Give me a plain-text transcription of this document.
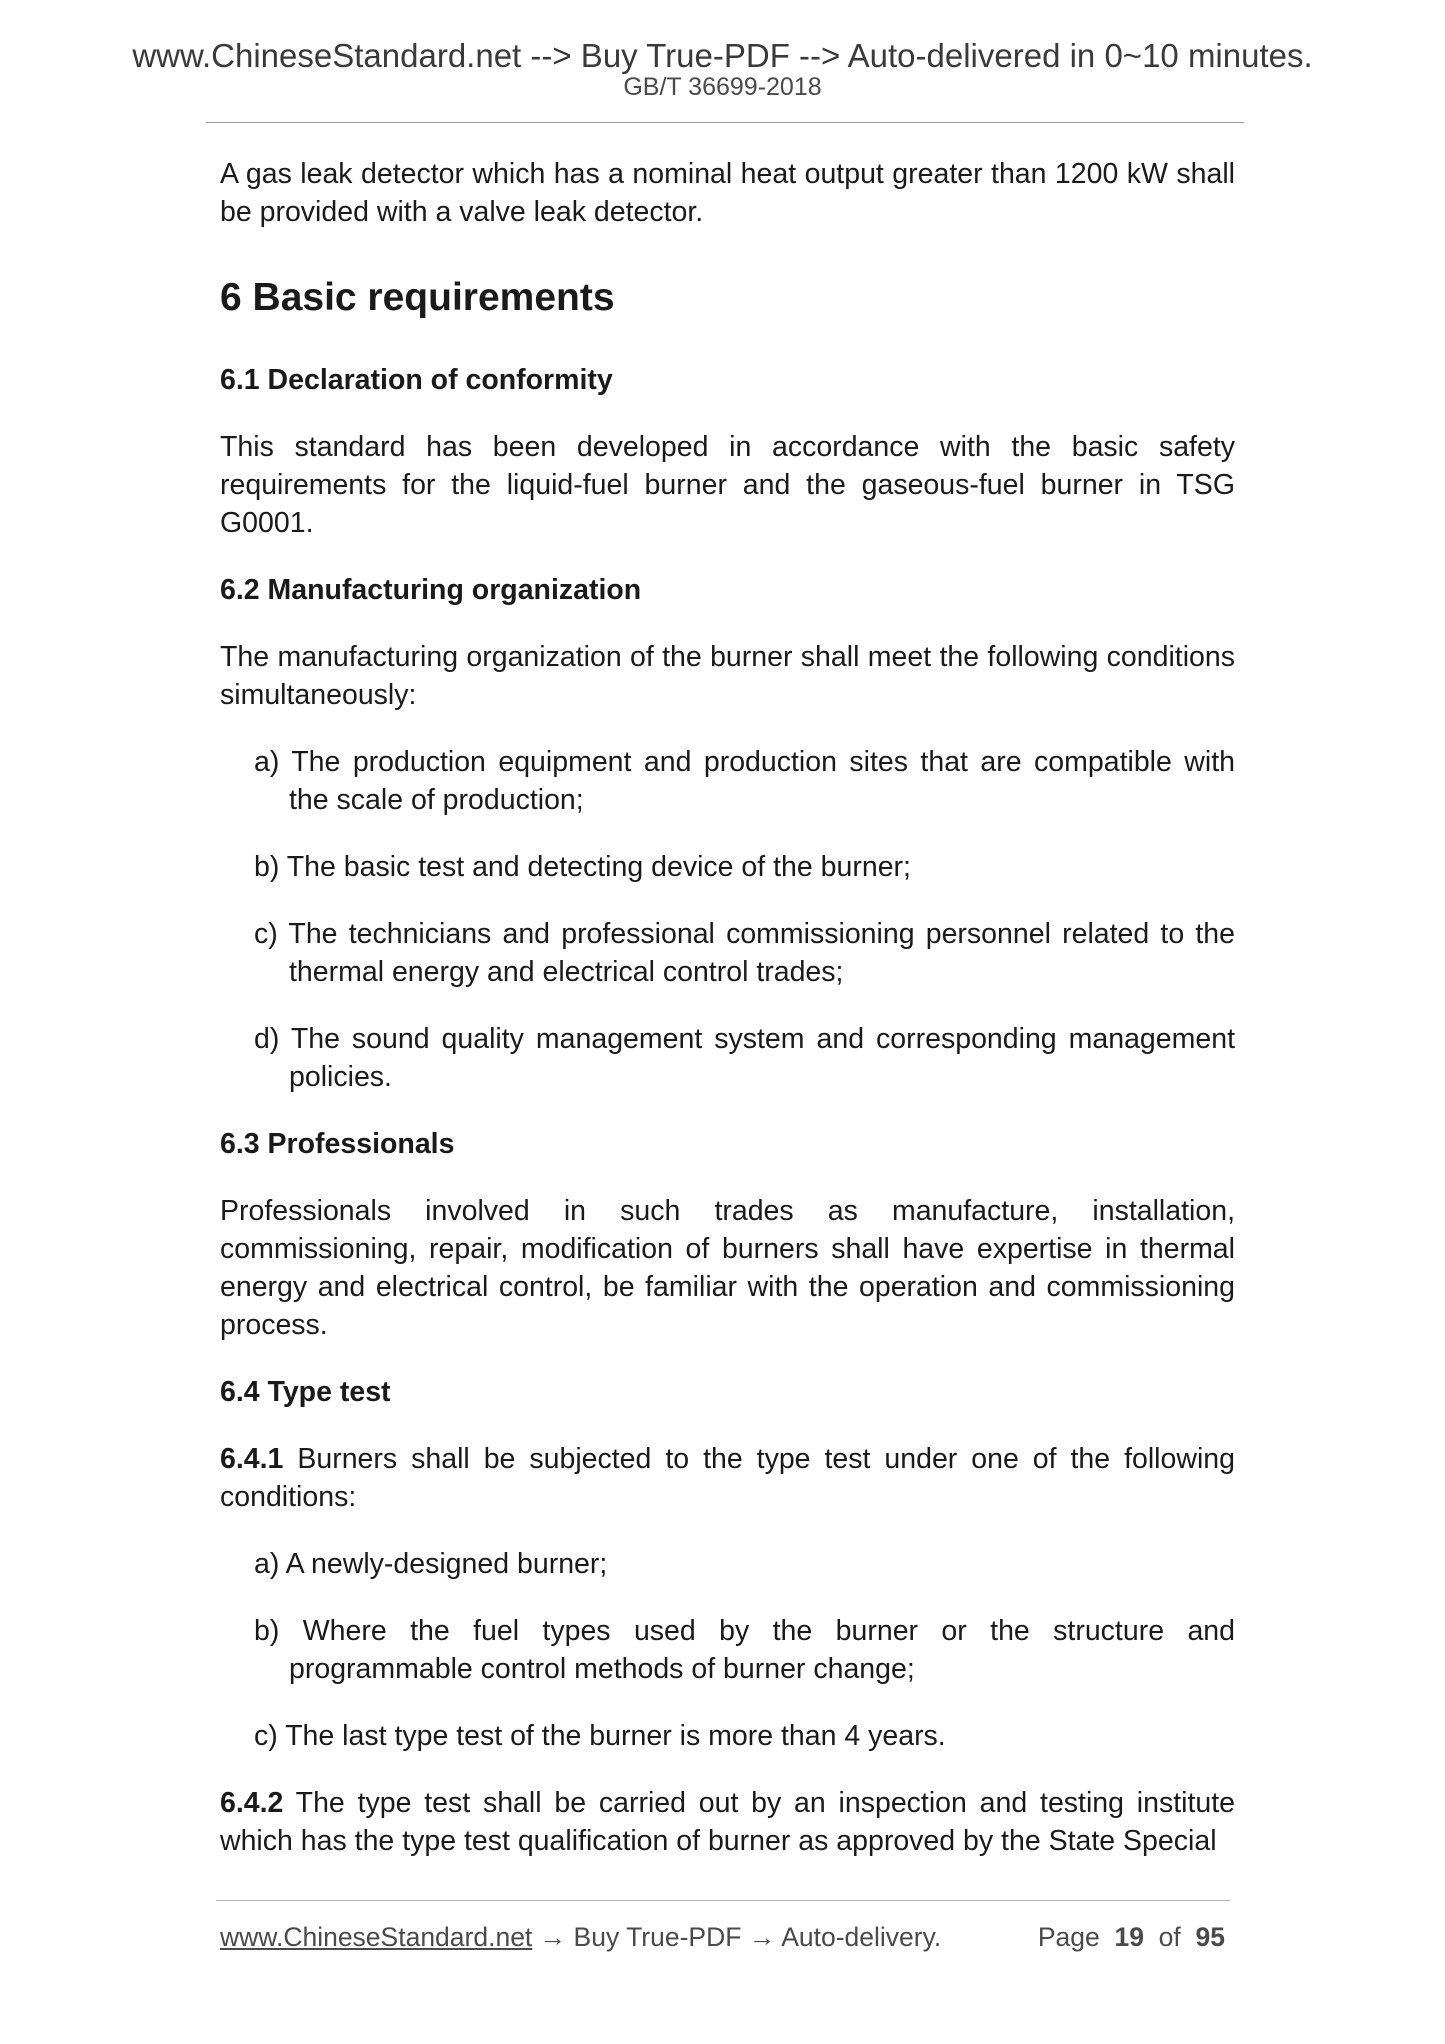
www.ChineseStandard.net --> Buy True-PDF --> Auto-delivered in 0~10 minutes.
GB/T 36699-2018

A gas leak detector which has a nominal heat output greater than 1200 kW shall be provided with a valve leak detector.

6 Basic requirements
6.1 Declaration of conformity

This standard has been developed in accordance with the basic safety requirements for the liquid-fuel burner and the gaseous-fuel burner in TSG G0001.

6.2 Manufacturing organization

The manufacturing organization of the burner shall meet the following conditions simultaneously:

a) The production equipment and production sites that are compatible with the scale of production;
b) The basic test and detecting device of the burner;
c) The technicians and professional commissioning personnel related to the thermal energy and electrical control trades;
d) The sound quality management system and corresponding management policies.
6.3 Professionals

Professionals involved in such trades as manufacture, installation, commissioning, repair, modification of burners shall have expertise in thermal energy and electrical control, be familiar with the operation and commissioning process.

6.4 Type test

6.4.1 Burners shall be subjected to the type test under one of the following conditions:

a) A newly-designed burner;
b) Where the fuel types used by the burner or the structure and programmable control methods of burner change;
c) The last type test of the burner is more than 4 years.

6.4.2 The type test shall be carried out by an inspection and testing institute which has the type test qualification of burner as approved by the State Special

www.ChineseStandard.net → Buy True-PDF → Auto-delivery.	Page 19 of 95
